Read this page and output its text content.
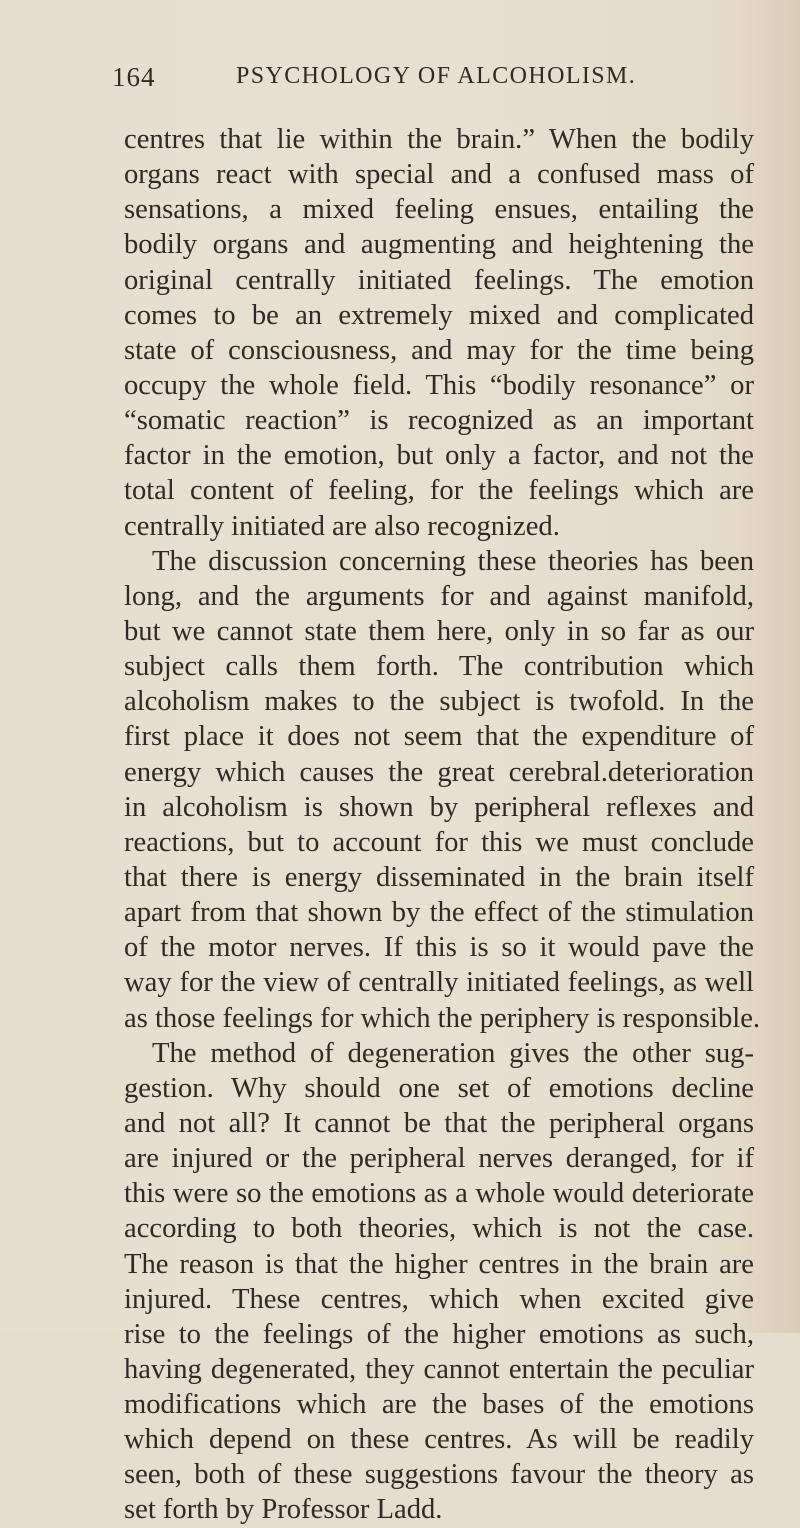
164	PSYCHOLOGY OF ALCOHOLISM.
centres that lie within the brain.” When the bodily
organs react with special and a confused mass of
sensations, a mixed feeling ensues, entailing the
bodily organs and augmenting and heightening the
original centrally initiated feelings. The emotion
comes to be an extremely mixed and complicated
state of consciousness, and may for the time being
occupy the whole field. This “bodily resonance” or
“somatic reaction” is recognized as an important
factor in the emotion, but only a factor, and not the
total content of feeling, for the feelings which are
centrally initiated are also recognized.
The discussion concerning these theories has been
long, and the arguments for and against manifold,
but we cannot state them here, only in so far as our
subject calls them forth. The contribution which
alcoholism makes to the subject is twofold. In the
first place it does not seem that the expenditure of
energy which causes the great cerebral.deterioration
in alcoholism is shown by peripheral reflexes and
reactions, but to account for this we must conclude
that there is energy disseminated in the brain itself
apart from that shown by the effect of the stimulation
of the motor nerves. If this is so it would pave the
way for the view of centrally initiated feelings, as well
as those feelings for which the periphery is responsible.
The method of degeneration gives the other sug-
gestion. Why should one set of emotions decline
and not all? It cannot be that the peripheral organs
are injured or the peripheral nerves deranged, for if
this were so the emotions as a whole would deteriorate
according to both theories, which is not the case.
The reason is that the higher centres in the brain are
injured. These centres, which when excited give
rise to the feelings of the higher emotions as such,
having degenerated, they cannot entertain the peculiar
modifications which are the bases of the emotions
which depend on these centres. As will be readily
seen, both of these suggestions favour the theory as
set forth by Professor Ladd.
